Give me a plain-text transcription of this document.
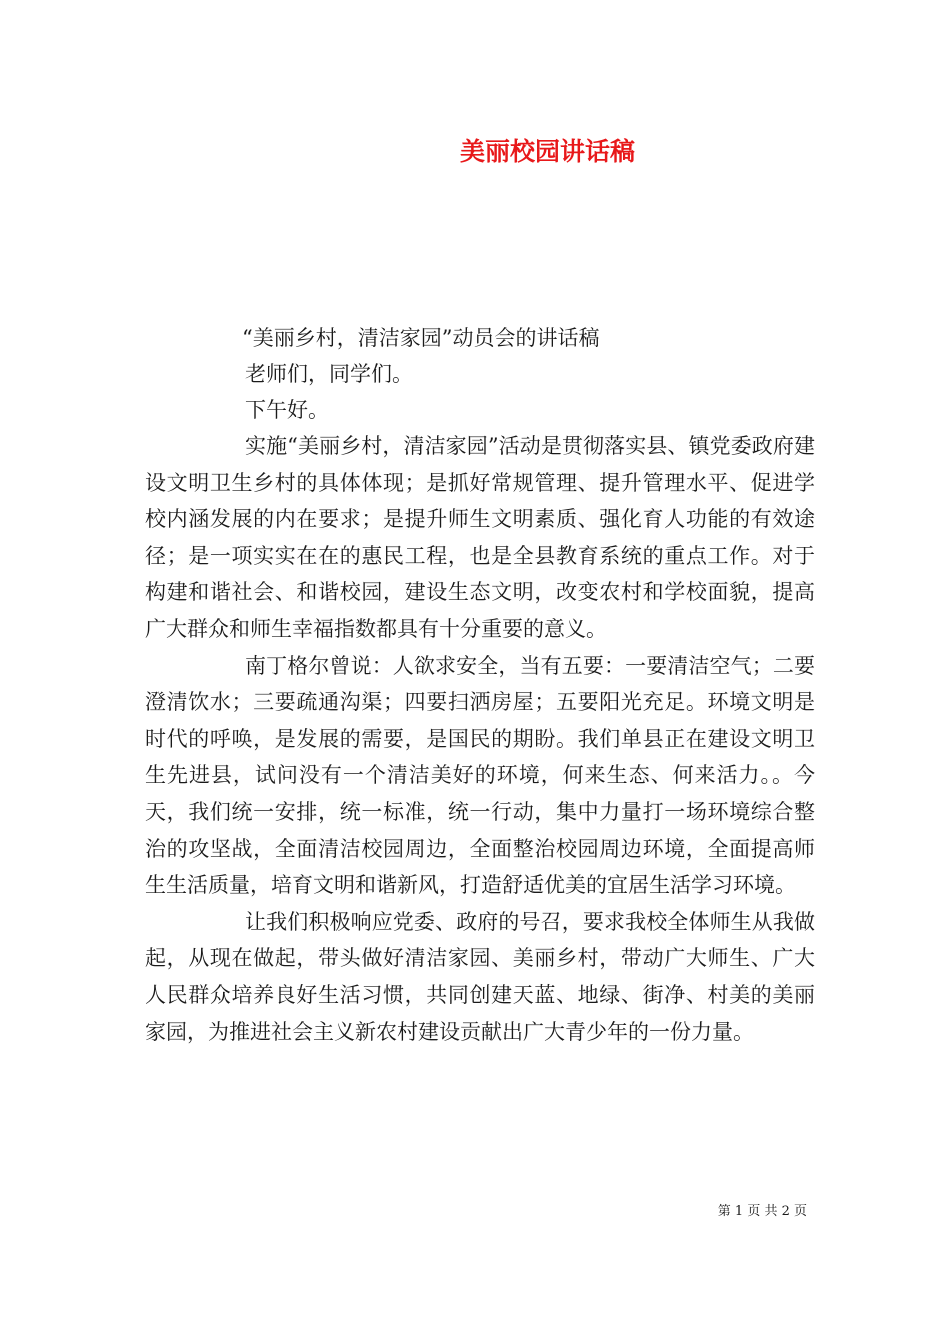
美丽校园讲话稿

“美丽乡村，清洁家园”动员会的讲话稿

老师们，同学们。

下午好。

实施“美丽乡村，清洁家园”活动是贯彻落实县、镇党委政府建设文明卫生乡村的具体体现；是抓好常规管理、提升管理水平、促进学校内涵发展的内在要求；是提升师生文明素质、强化育人功能的有效途径；是一项实实在在的惠民工程，也是全县教育系统的重点工作。对于构建和谐社会、和谐校园，建设生态文明，改变农村和学校面貌，提高广大群众和师生幸福指数都具有十分重要的意义。

南丁格尔曾说：人欲求安全，当有五要：一要清洁空气；二要澄清饮水；三要疏通沟渠；四要扫洒房屋；五要阳光充足。环境文明是时代的呼唤，是发展的需要，是国民的期盼。我们单县正在建设文明卫生先进县，试问没有一个清洁美好的环境，何来生态、何来活力。。今天，我们统一安排，统一标准，统一行动，集中力量打一场环境综合整治的攻坚战，全面清洁校园周边，全面整治校园周边环境，全面提高师生生活质量，培育文明和谐新风，打造舒适优美的宜居生活学习环境。

让我们积极响应党委、政府的号召，要求我校全体师生从我做起，从现在做起，带头做好清洁家园、美丽乡村，带动广大师生、广大人民群众培养良好生活习惯，共同创建天蓝、地绿、街净、村美的美丽家园，为推进社会主义新农村建设贡献出广大青少年的一份力量。

第 1 页 共 2 页
